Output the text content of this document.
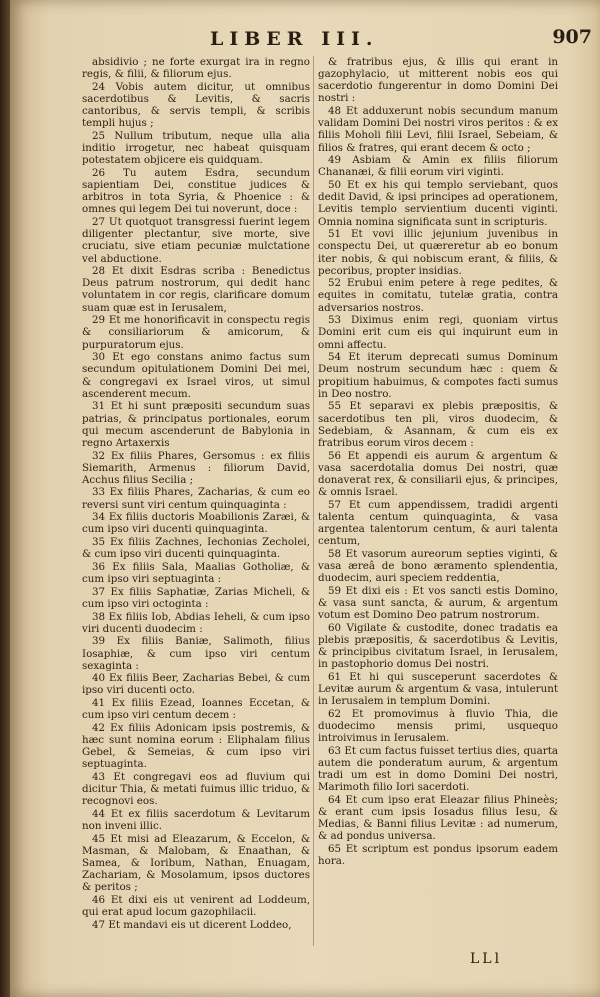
LIBER III.	907

absidivio ; ne forte exurgat ira in regno regis, & filii, & filiorum ejus.

24 Vobis autem dicitur, ut omnibus sacerdotibus & Levitis, & sacris cantoribus, & servis templi, & scribis templi hujus ;

25 Nullum tributum, neque ulla alia inditio irrogetur, nec habeat quisquam potestatem objicere eis quidquam.

26 Tu autem Esdra, secundum sapientiam Dei, constitue judices & arbitros in tota Syria, & Phoenice : & omnes qui legem Dei tui noverunt, doce :

27 Ut quotquot transgressi fuerint legem diligenter plectantur, sive morte, sive cruciatu, sive etiam pecuniæ mulctatione vel abductione.

28 Et dixit Esdras scriba : Benedictus Deus patrum nostrorum, qui dedit hanc voluntatem in cor regis, clarificare domum suam quæ est in Ierusalem,

29 Et me honorificavit in conspectu regis & consiliariorum & amicorum, & purpuratorum ejus.

30 Et ego constans animo factus sum secundum opitulationem Domini Dei mei, & congregavi ex Israel viros, ut simul ascenderent mecum.

31 Et hi sunt præpositi secundum suas patrias, & principatus portionales, eorum qui mecum ascenderunt de Babylonia in regno Artaxerxis

32 Ex filiis Phares, Gersomus : ex filiis Siemarith, Armenus : filiorum David, Acchus filius Secilia ;

33 Ex filiis Phares, Zacharias, & cum eo reversi sunt viri centum quinquaginta :

34 Ex filiis ductoris Moabilionis Zaræi, & cum ipso viri ducenti quinquaginta.

35 Ex filiis Zachnes, Iechonias Zecholei, & cum ipso viri ducenti quinquaginta.

36 Ex filiis Sala, Maalias Gotholiæ, & cum ipso viri septuaginta :

37 Ex filiis Saphatiæ, Zarias Micheli, & cum ipso viri octoginta :

38 Ex filiis Iob, Abdias Ieheli, & cum ipso viri ducenti duodecim :

39 Ex filiis Baniæ, Salimoth, filius Iosaphiæ, & cum ipso viri centum sexaginta :

40 Ex filiis Beer, Zacharias Bebei, & cum ipso viri ducenti octo.

41 Ex filiis Ezead, Ioannes Eccetan, & cum ipso viri centum decem :

42 Ex filiis Adonicam ipsis postremis, & hæc sunt nomina eorum : Eliphalam filius Gebel, & Semeias, & cum ipso viri septuaginta.

43 Et congregavi eos ad fluvium qui dicitur Thia, & metati fuimus illic triduo, & recognovi eos.

44 Et ex filiis sacerdotum & Levitarum non inveni illic.

45 Et misi ad Eleazarum, & Eccelon, & Masman, & Malobam, & Enaathan, & Samea, & Ioribum, Nathan, Enuagam, Zachariam, & Mosolamum, ipsos ductores & peritos ;

46 Et dixi eis ut venirent ad Loddeum, qui erat apud locum gazophilacii.

47 Et mandavi eis ut dicerent Loddeo,

& fratribus ejus, & illis qui erant in gazophylacio, ut mitterent nobis eos qui sacerdotio fungerentur in domo Domini Dei nostri :

48 Et adduxerunt nobis secundum manum validam Domini Dei nostri viros peritos : & ex filiis Moholi filii Levi, filii Israel, Sebeiam, & filios & fratres, qui erant decem & octo ;

49 Asbiam & Amin ex filiis filiorum Chananæi, & filii eorum viri viginti.

50 Et ex his qui templo serviebant, quos dedit David, & ipsi principes ad operationem, Levitis templo servientium ducenti viginti. Omnia nomina significata sunt in scripturis.

51 Et vovi illic jejunium juvenibus in conspectu Dei, ut quæreretur ab eo bonum iter nobis, & qui nobiscum erant, & filiis, & pecoribus, propter insidias.

52 Erubui enim petere à rege pedites, & equites in comitatu, tutelæ gratia, contra adversarios nostros.

53 Diximus enim regi, quoniam virtus Domini erit cum eis qui inquirunt eum in omni affectu.

54 Et iterum deprecati sumus Dominum Deum nostrum secundum hæc : quem & propitium habuimus, & compotes facti sumus in Deo nostro.

55 Et separavi ex plebis præpositis, & sacerdotibus ten pli, viros duodecim, & Sedebiam, & Asannam, & cum eis ex fratribus eorum viros decem :

56 Et appendi eis aurum & argentum & vasa sacerdotalia domus Dei nostri, quæ donaverat rex, & consiliarii ejus, & principes, & omnis Israel.

57 Et cum appendissem, tradidi argenti talenta centum quinquaginta, & vasa argentea talentorum centum, & auri talenta centum,

58 Et vasorum aureorum septies viginti, & vasa æreâ de bono æramento splendentia, duodecim, auri speciem reddentia,

59 Et dixi eis : Et vos sancti estis Domino, & vasa sunt sancta, & aurum, & argentum votum est Domino Deo patrum nostrorum.

60 Vigilate & custodite, donec tradatis ea plebis præpositis, & sacerdotibus & Levitis, & principibus civitatum Israel, in Ierusalem, in pastophorio domus Dei nostri.

61 Et hi qui susceperunt sacerdotes & Levitæ aurum & argentum & vasa, intulerunt in Ierusalem in templum Domini.

62 Et promovimus à fluvio Thia, die duodecimo mensis primi, usquequo introivimus in Ierusalem.

63 Et cum factus fuisset tertius dies, quarta autem die ponderatum aurum, & argentum tradi um est in domo Domini Dei nostri, Marimoth filio Iori sacerdoti.

64 Et cum ipso erat Eleazar filius Phineès; & erant cum ipsis Iosadus filius Iesu, & Medias, & Banni filius Levitæ : ad numerum, & ad pondus universa.

65 Et scriptum est pondus ipsorum eadem hora.

LLl
